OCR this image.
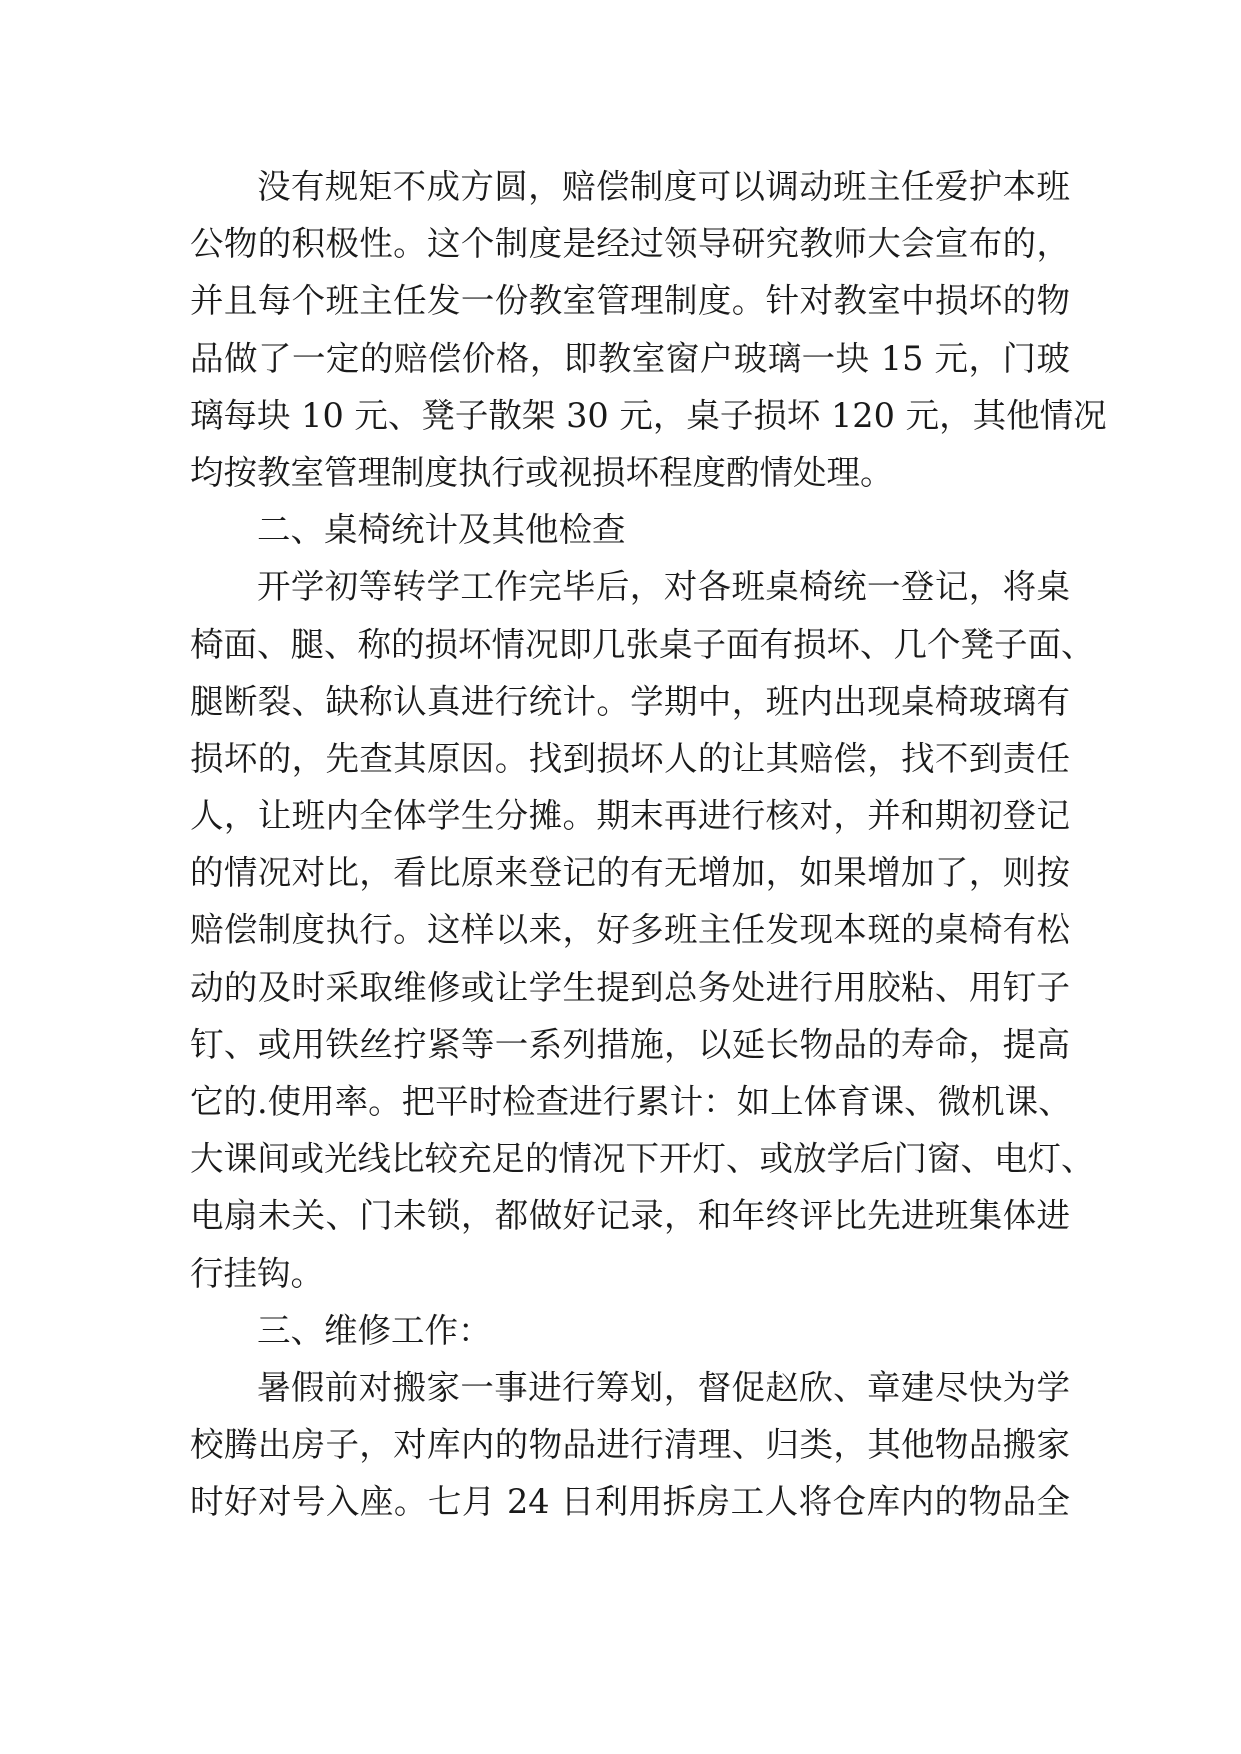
没有规矩不成方圆，赔偿制度可以调动班主任爱护本班
公物的积极性。这个制度是经过领导研究教师大会宣布的，
并且每个班主任发一份教室管理制度。针对教室中损坏的物
品做了一定的赔偿价格，即教室窗户玻璃一块 15 元，门玻
璃每块 10 元、凳子散架 30 元，桌子损坏 120 元，其他情况
均按教室管理制度执行或视损坏程度酌情处理。
二、桌椅统计及其他检查
开学初等转学工作完毕后，对各班桌椅统一登记，将桌
椅面、腿、称的损坏情况即几张桌子面有损坏、几个凳子面、
腿断裂、缺称认真进行统计。学期中，班内出现桌椅玻璃有
损坏的，先查其原因。找到损坏人的让其赔偿，找不到责任
人，让班内全体学生分摊。期末再进行核对，并和期初登记
的情况对比，看比原来登记的有无增加，如果增加了，则按
赔偿制度执行。这样以来，好多班主任发现本斑的桌椅有松
动的及时采取维修或让学生提到总务处进行用胶粘、用钉子
钉、或用铁丝拧紧等一系列措施，以延长物品的寿命，提高
它的.使用率。把平时检查进行累计：如上体育课、微机课、
大课间或光线比较充足的情况下开灯、或放学后门窗、电灯、
电扇未关、门未锁，都做好记录，和年终评比先进班集体进
行挂钩。
三、维修工作：
暑假前对搬家一事进行筹划，督促赵欣、章建尽快为学
校腾出房子，对库内的物品进行清理、归类，其他物品搬家
时好对号入座。七月 24 日利用拆房工人将仓库内的物品全
